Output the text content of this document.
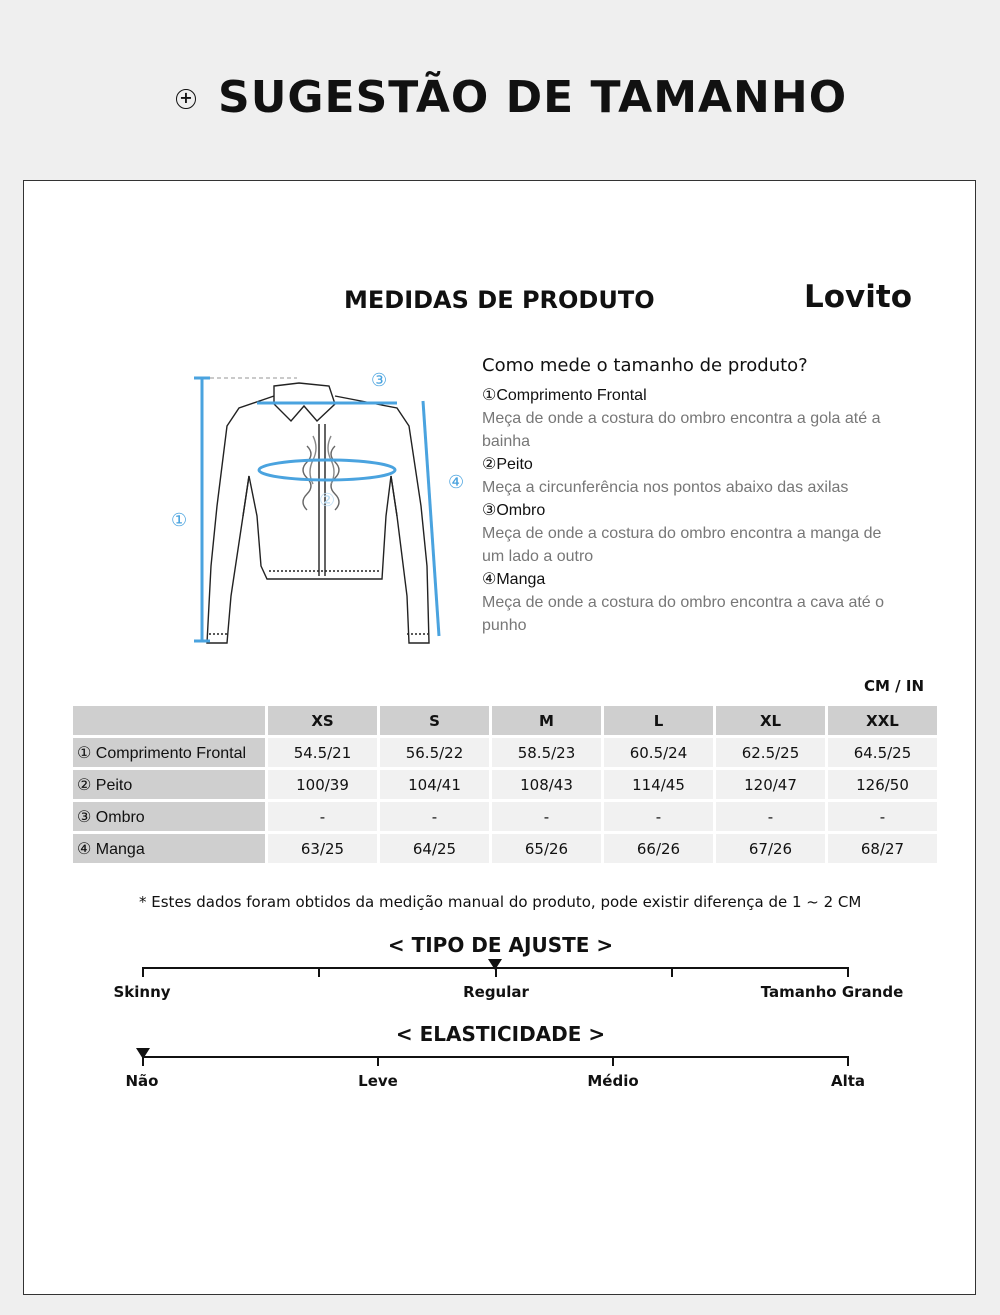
+ SUGESTÃO DE TAMANHO
MEDIDAS DE PRODUTO	Lovito
①
③
④
②
Como mede o tamanho de produto?
①Comprimento Frontal
Meça de onde a costura do ombro encontra a gola até a bainha
②Peito
Meça a circunferência nos pontos abaixo das axilas
③Ombro
Meça de onde a costura do ombro encontra a manga de um lado a outro
④Manga
Meça de onde a costura do ombro encontra a cava até o punho
CM / IN
	XS	S	M	L	XL	XXL
① Comprimento Frontal	54.5/21	56.5/22	58.5/23	60.5/24	62.5/25	64.5/25
② Peito	100/39	104/41	108/43	114/45	120/47	126/50
③ Ombro	-	-	-	-	-	-
④ Manga	63/25	64/25	65/26	66/26	67/26	68/27
* Estes dados foram obtidos da medição manual do produto, pode existir diferença de 1 ~ 2 CM
< TIPO DE AJUSTE >
Skinny	Regular	Tamanho Grande
< ELASTICIDADE >
Não	Leve	Médio	Alta
